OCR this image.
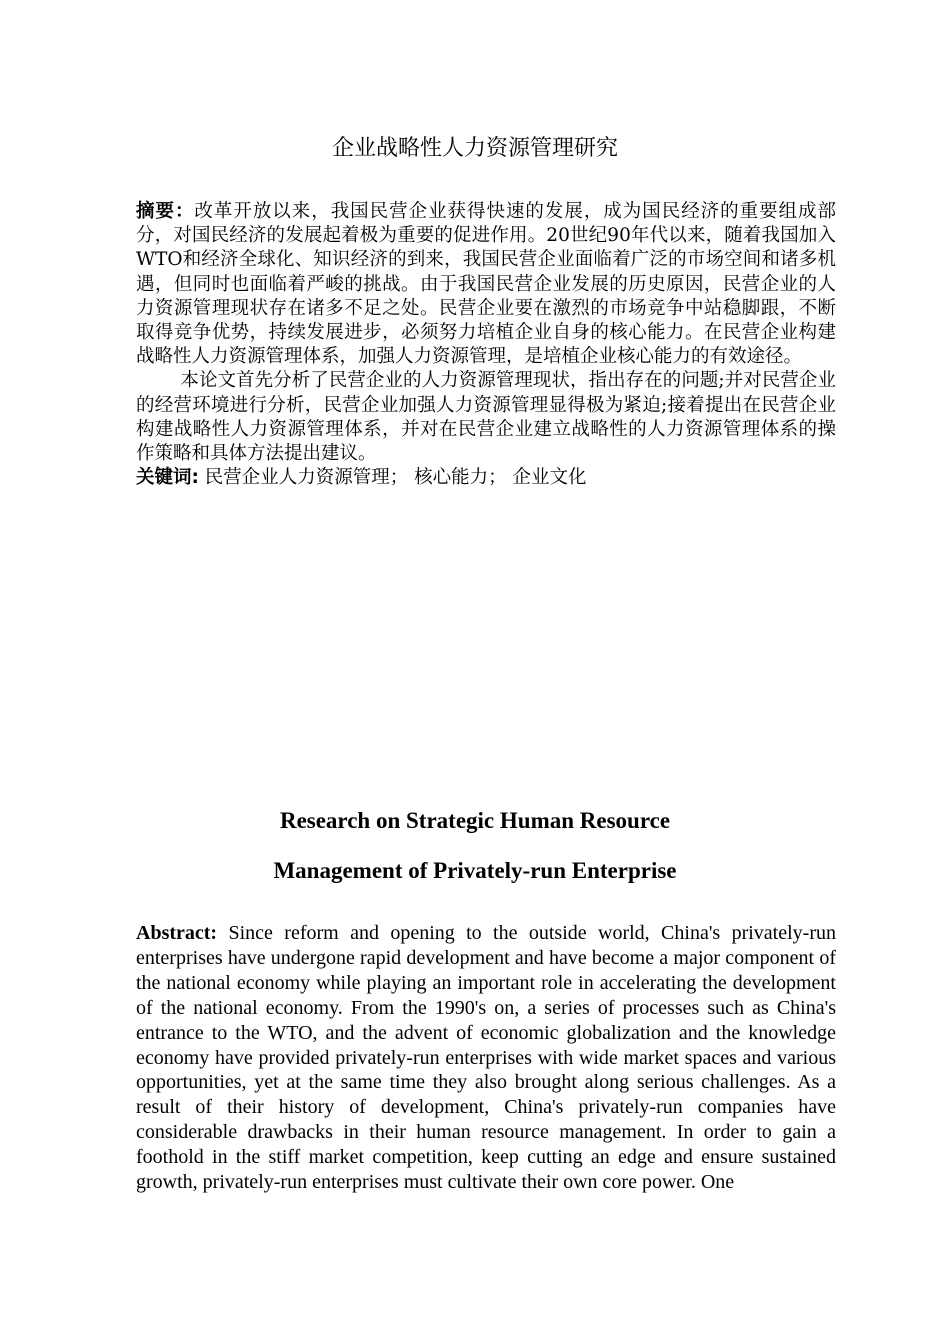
企业战略性人力资源管理研究

摘要：改革开放以来，我国民营企业获得快速的发展，成为国民经济的重要组成部分，对国民经济的发展起着极为重要的促进作用。20世纪90年代以来，随着我国加入WTO和经济全球化、知识经济的到来，我国民营企业面临着广泛的市场空间和诸多机遇，但同时也面临着严峻的挑战。由于我国民营企业发展的历史原因，民营企业的人力资源管理现状存在诸多不足之处。民营企业要在激烈的市场竞争中站稳脚跟，不断取得竞争优势，持续发展进步，必须努力培植企业自身的核心能力。在民营企业构建战略性人力资源管理体系，加强人力资源管理，是培植企业核心能力的有效途径。

本论文首先分析了民营企业的人力资源管理现状，指出存在的问题;并对民营企业的经营环境进行分析，民营企业加强人力资源管理显得极为紧迫;接着提出在民营企业构建战略性人力资源管理体系，并对在民营企业建立战略性的人力资源管理体系的操作策略和具体方法提出建议。

关键词: 民营企业人力资源管理； 核心能力； 企业文化

Research on Strategic Human Resource
Management of Privately-run Enterprise

Abstract: Since reform and opening to the outside world, China's privately-run enterprises have undergone rapid development and have become a major component of the national economy while playing an important role in accelerating the development of the national economy. From the 1990's on, a series of processes such as China's entrance to the WTO, and the advent of economic globalization and the knowledge economy have provided privately-run enterprises with wide market spaces and various opportunities, yet at the same time they also brought along serious challenges. As a result of their history of development, China's privately-run companies have considerable drawbacks in their human resource management. In order to gain a foothold in the stiff market competition, keep cutting an edge and ensure sustained growth, privately-run enterprises must cultivate their own core power. One
